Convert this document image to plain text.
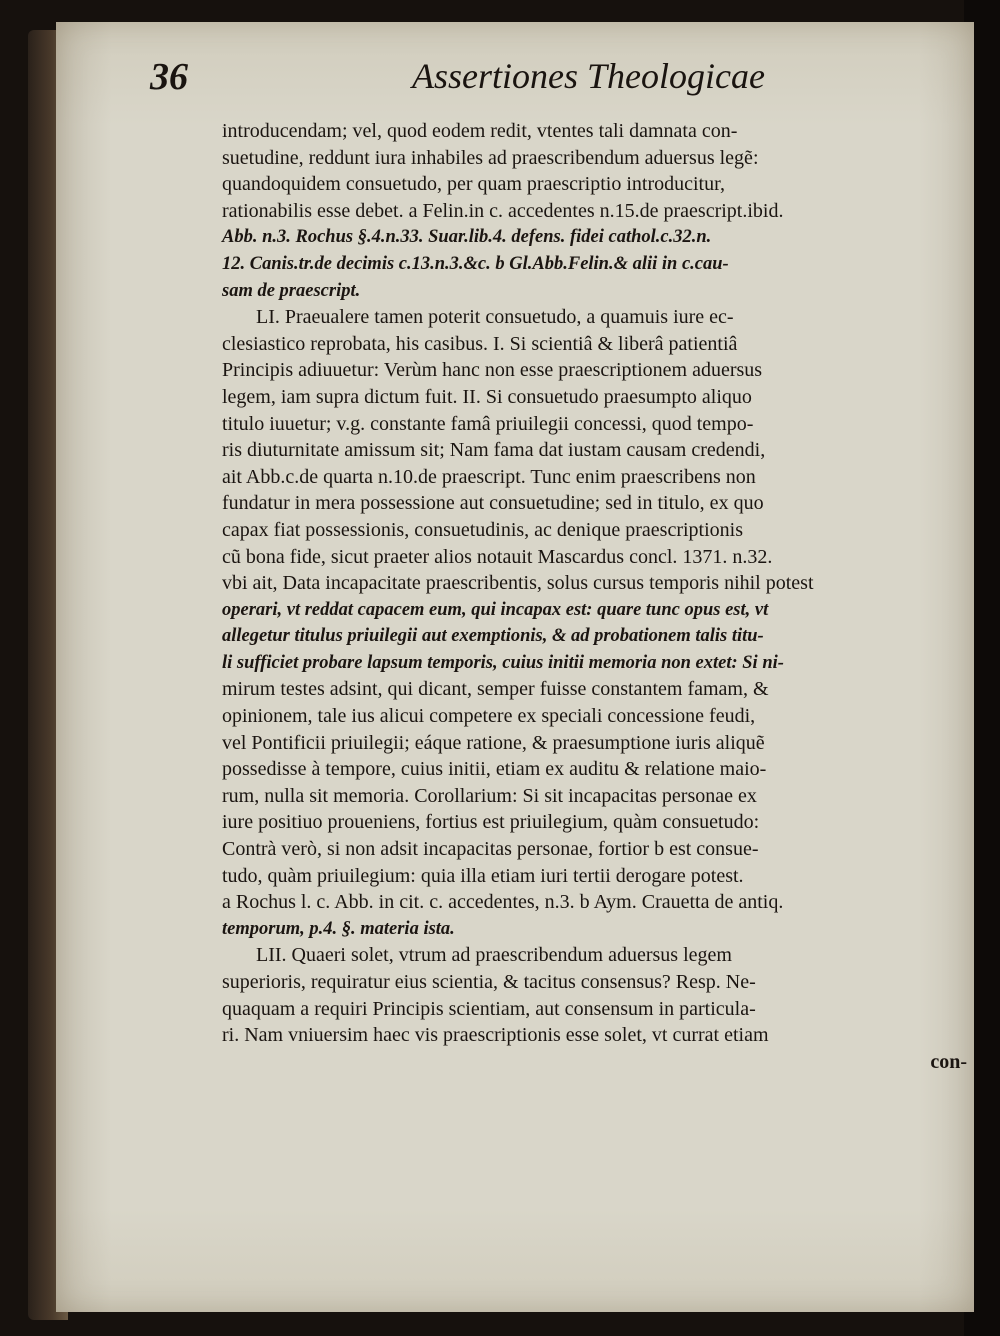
36	Assertiones Theologicae
introducendam; vel, quod eodem redit, vtentes tali damnata con-
suetudine, reddunt iura inhabiles ad praescribendum aduersus legẽ:
quandoquidem consuetudo, per quam praescriptio introducitur,
rationabilis esse debet. a Felin.in c. accedentes n.15.de praescript.ibid.
Abb. n.3. Rochus §.4.n.33. Suar.lib.4. defens. fidei cathol.c.32.n.
12. Canis.tr.de decimis c.13.n.3.&c. b Gl.Abb.Felin.& alii in c.cau-
sam de praescript.
LI. Praeualere tamen poterit consuetudo, a quamuis iure ec-
clesiastico reprobata, his casibus. I. Si scientiâ & liberâ patientiâ
Principis adiuuetur: Verùm hanc non esse praescriptionem aduersus
legem, iam supra dictum fuit. II. Si consuetudo praesumpto aliquo
titulo iuuetur; v.g. constante famâ priuilegii concessi, quod tempo-
ris diuturnitate amissum sit; Nam fama dat iustam causam credendi,
ait Abb.c.de quarta n.10.de praescript. Tunc enim praescribens non
fundatur in mera possessione aut consuetudine; sed in titulo, ex quo
capax fiat possessionis, consuetudinis, ac denique praescriptionis
cũ bona fide, sicut praeter alios notauit Mascardus concl. 1371. n.32.
vbi ait, Data incapacitate praescribentis, solus cursus temporis nihil potest
operari, vt reddat capacem eum, qui incapax est: quare tunc opus est, vt
allegetur titulus priuilegii aut exemptionis, & ad probationem talis titu-
li sufficiet probare lapsum temporis, cuius initii memoria non extet: Si ni-
mirum testes adsint, qui dicant, semper fuisse constantem famam, &
opinionem, tale ius alicui competere ex speciali concessione feudi,
vel Pontificii priuilegii; eáque ratione, & praesumptione iuris aliquẽ
possedisse à tempore, cuius initii, etiam ex auditu & relatione maio-
rum, nulla sit memoria. Corollarium: Si sit incapacitas personae ex
iure positiuo proueniens, fortius est priuilegium, quàm consuetudo:
Contrà verò, si non adsit incapacitas personae, fortior b est consue-
tudo, quàm priuilegium: quia illa etiam iuri tertii derogare potest.
a Rochus l. c. Abb. in cit. c. accedentes, n.3. b Aym. Crauetta de antiq.
temporum, p.4. §. materia ista.
LII. Quaeri solet, vtrum ad praescribendum aduersus legem
superioris, requiratur eius scientia, & tacitus consensus? Resp. Ne-
quaquam a requiri Principis scientiam, aut consensum in particula-
ri. Nam vniuersim haec vis praescriptionis esse solet, vt currat etiam
con-
